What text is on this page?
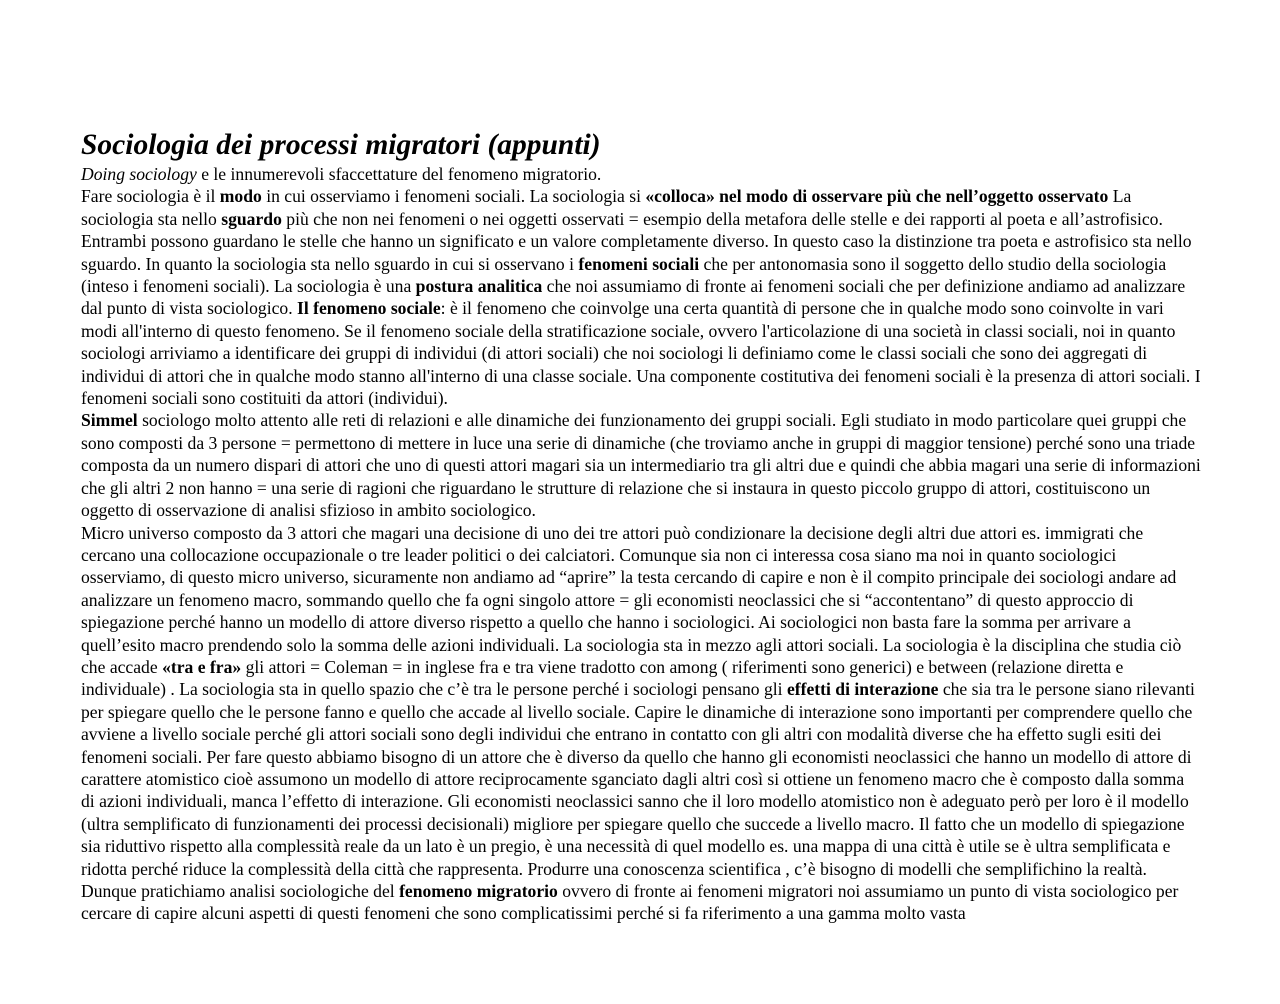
Sociologia dei processi migratori (appunti)

Doing sociology e le innumerevoli sfaccettature del fenomeno migratorio.

Fare sociologia è il modo in cui osserviamo i fenomeni sociali. La sociologia si «colloca» nel modo di osservare più che nell’oggetto osservato La sociologia sta nello sguardo più che non nei fenomeni o nei oggetti osservati = esempio della metafora delle stelle e dei rapporti al poeta e all’astrofisico. Entrambi possono guardano le stelle che hanno un significato e un valore completamente diverso. In questo caso la distinzione tra poeta e astrofisico sta nello sguardo. In quanto la sociologia sta nello sguardo in cui si osservano i fenomeni sociali che per antonomasia sono il soggetto dello studio della sociologia (inteso i fenomeni sociali). La sociologia è una postura analitica che noi assumiamo di fronte ai fenomeni sociali che per definizione andiamo ad analizzare dal punto di vista sociologico. Il fenomeno sociale: è il fenomeno che coinvolge una certa quantità di persone che in qualche modo sono coinvolte in vari modi all'interno di questo fenomeno. Se il fenomeno sociale della stratificazione sociale, ovvero l'articolazione di una società in classi sociali, noi in quanto sociologi arriviamo a identificare dei gruppi di individui (di attori sociali) che noi sociologi li definiamo come le classi sociali che sono dei aggregati di individui di attori che in qualche modo stanno all'interno di una classe sociale. Una componente costitutiva dei fenomeni sociali è la presenza di attori sociali. I fenomeni sociali sono costituiti da attori (individui).

Simmel sociologo molto attento alle reti di relazioni e alle dinamiche dei funzionamento dei gruppi sociali. Egli studiato in modo particolare quei gruppi che sono composti da 3 persone = permettono di mettere in luce una serie di dinamiche (che troviamo anche in gruppi di maggior tensione) perché sono una triade composta da un numero dispari di attori che uno di questi attori magari sia un intermediario tra gli altri due e quindi che abbia magari una serie di informazioni che gli altri 2 non hanno = una serie di ragioni che riguardano le strutture di relazione che si instaura in questo piccolo gruppo di attori, costituiscono un oggetto di osservazione di analisi sfizioso in ambito sociologico.

Micro universo composto da 3 attori che magari una decisione di uno dei tre attori può condizionare la decisione degli altri due attori es. immigrati che cercano una collocazione occupazionale o tre leader politici o dei calciatori. Comunque sia non ci interessa cosa siano ma noi in quanto sociologici osserviamo, di questo micro universo, sicuramente non andiamo ad “aprire” la testa cercando di capire e non è il compito principale dei sociologi andare ad analizzare un fenomeno macro, sommando quello che fa ogni singolo attore = gli economisti neoclassici che si “accontentano” di questo approccio di spiegazione perché hanno un modello di attore diverso rispetto a quello che hanno i sociologici. Ai sociologici non basta fare la somma per arrivare a quell’esito macro prendendo solo la somma delle azioni individuali. La sociologia sta in mezzo agli attori sociali. La sociologia è la disciplina che studia ciò che accade «tra e fra» gli attori = Coleman = in inglese fra e tra viene tradotto con among ( riferimenti sono generici) e between (relazione diretta e individuale) . La sociologia sta in quello spazio che c’è tra le persone perché i sociologi pensano gli effetti di interazione che sia tra le persone siano rilevanti per spiegare quello che le persone fanno e quello che accade al livello sociale. Capire le dinamiche di interazione sono importanti per comprendere quello che avviene a livello sociale perché gli attori sociali sono degli individui che entrano in contatto con gli altri con modalità diverse che ha effetto sugli esiti dei fenomeni sociali. Per fare questo abbiamo bisogno di un attore che è diverso da quello che hanno gli economisti neoclassici che hanno un modello di attore di carattere atomistico cioè assumono un modello di attore reciprocamente sganciato dagli altri così si ottiene un fenomeno macro che è composto dalla somma di azioni individuali, manca l’effetto di interazione. Gli economisti neoclassici sanno che il loro modello atomistico non è adeguato però per loro è il modello (ultra semplificato di funzionamenti dei processi decisionali) migliore per spiegare quello che succede a livello macro. Il fatto che un modello di spiegazione sia riduttivo rispetto alla complessità reale da un lato è un pregio, è una necessità di quel modello es. una mappa di una città è utile se è ultra semplificata e ridotta perché riduce la complessità della città che rappresenta. Produrre una conoscenza scientifica , c’è bisogno di modelli che semplifichino la realtà.

Dunque pratichiamo analisi sociologiche del fenomeno migratorio ovvero di fronte ai fenomeni migratori noi assumiamo un punto di vista sociologico per cercare di capire alcuni aspetti di questi fenomeni che sono complicatissimi perché si fa riferimento a una gamma molto vasta
